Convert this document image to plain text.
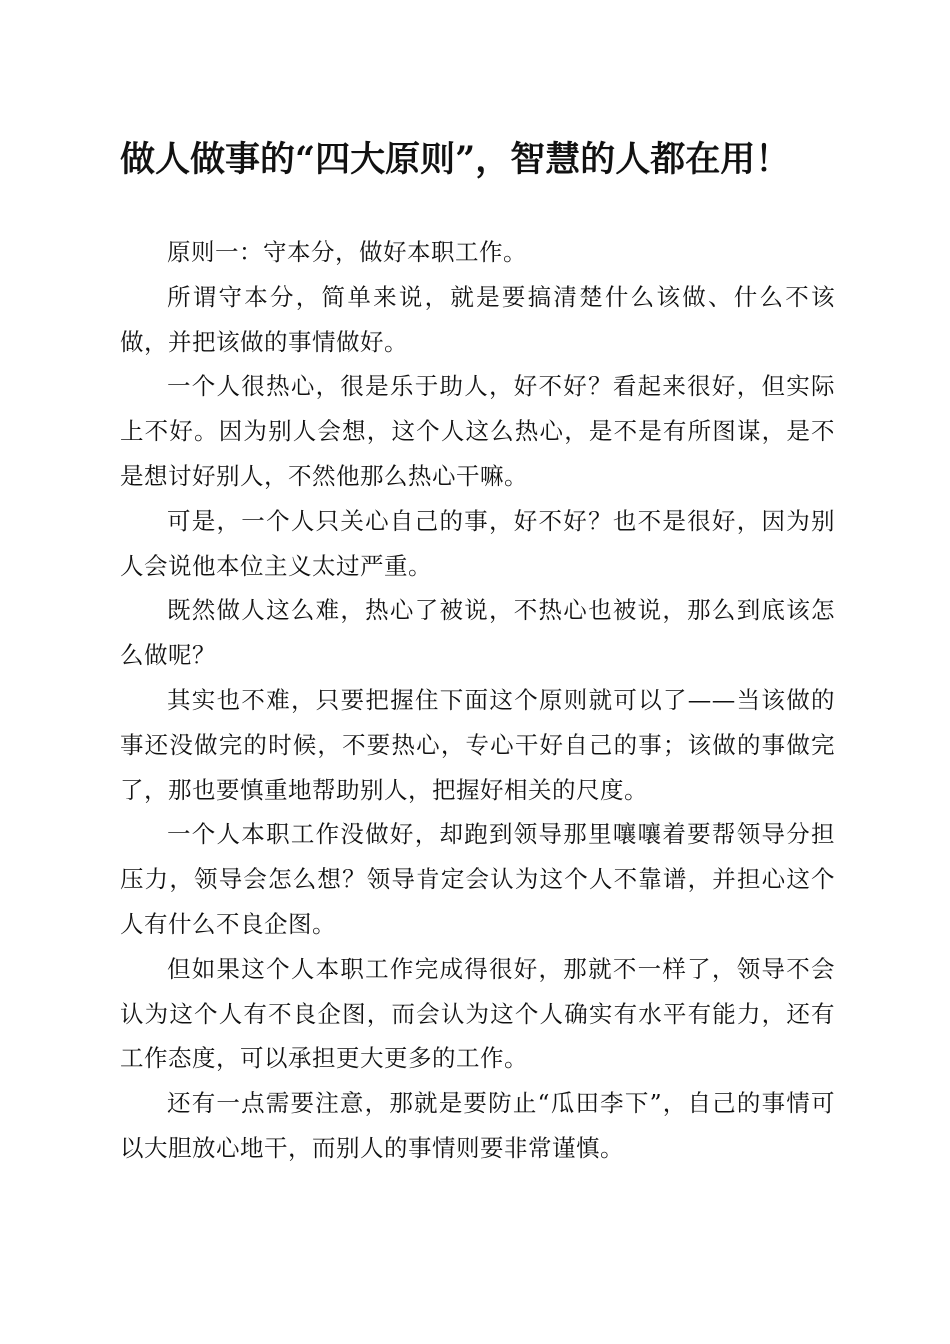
做人做事的“四大原则”，智慧的人都在用！

原则一：守本分，做好本职工作。

所谓守本分，简单来说，就是要搞清楚什么该做、什么不该做，并把该做的事情做好。

一个人很热心，很是乐于助人，好不好？看起来很好，但实际上不好。因为别人会想，这个人这么热心，是不是有所图谋，是不是想讨好别人，不然他那么热心干嘛。

可是，一个人只关心自己的事，好不好？也不是很好，因为别人会说他本位主义太过严重。

既然做人这么难，热心了被说，不热心也被说，那么到底该怎么做呢？

其实也不难，只要把握住下面这个原则就可以了——当该做的事还没做完的时候，不要热心，专心干好自己的事；该做的事做完了，那也要慎重地帮助别人，把握好相关的尺度。

一个人本职工作没做好，却跑到领导那里嚷嚷着要帮领导分担压力，领导会怎么想？领导肯定会认为这个人不靠谱，并担心这个人有什么不良企图。

但如果这个人本职工作完成得很好，那就不一样了，领导不会认为这个人有不良企图，而会认为这个人确实有水平有能力，还有工作态度，可以承担更大更多的工作。

还有一点需要注意，那就是要防止“瓜田李下”，自己的事情可以大胆放心地干，而别人的事情则要非常谨慎。
